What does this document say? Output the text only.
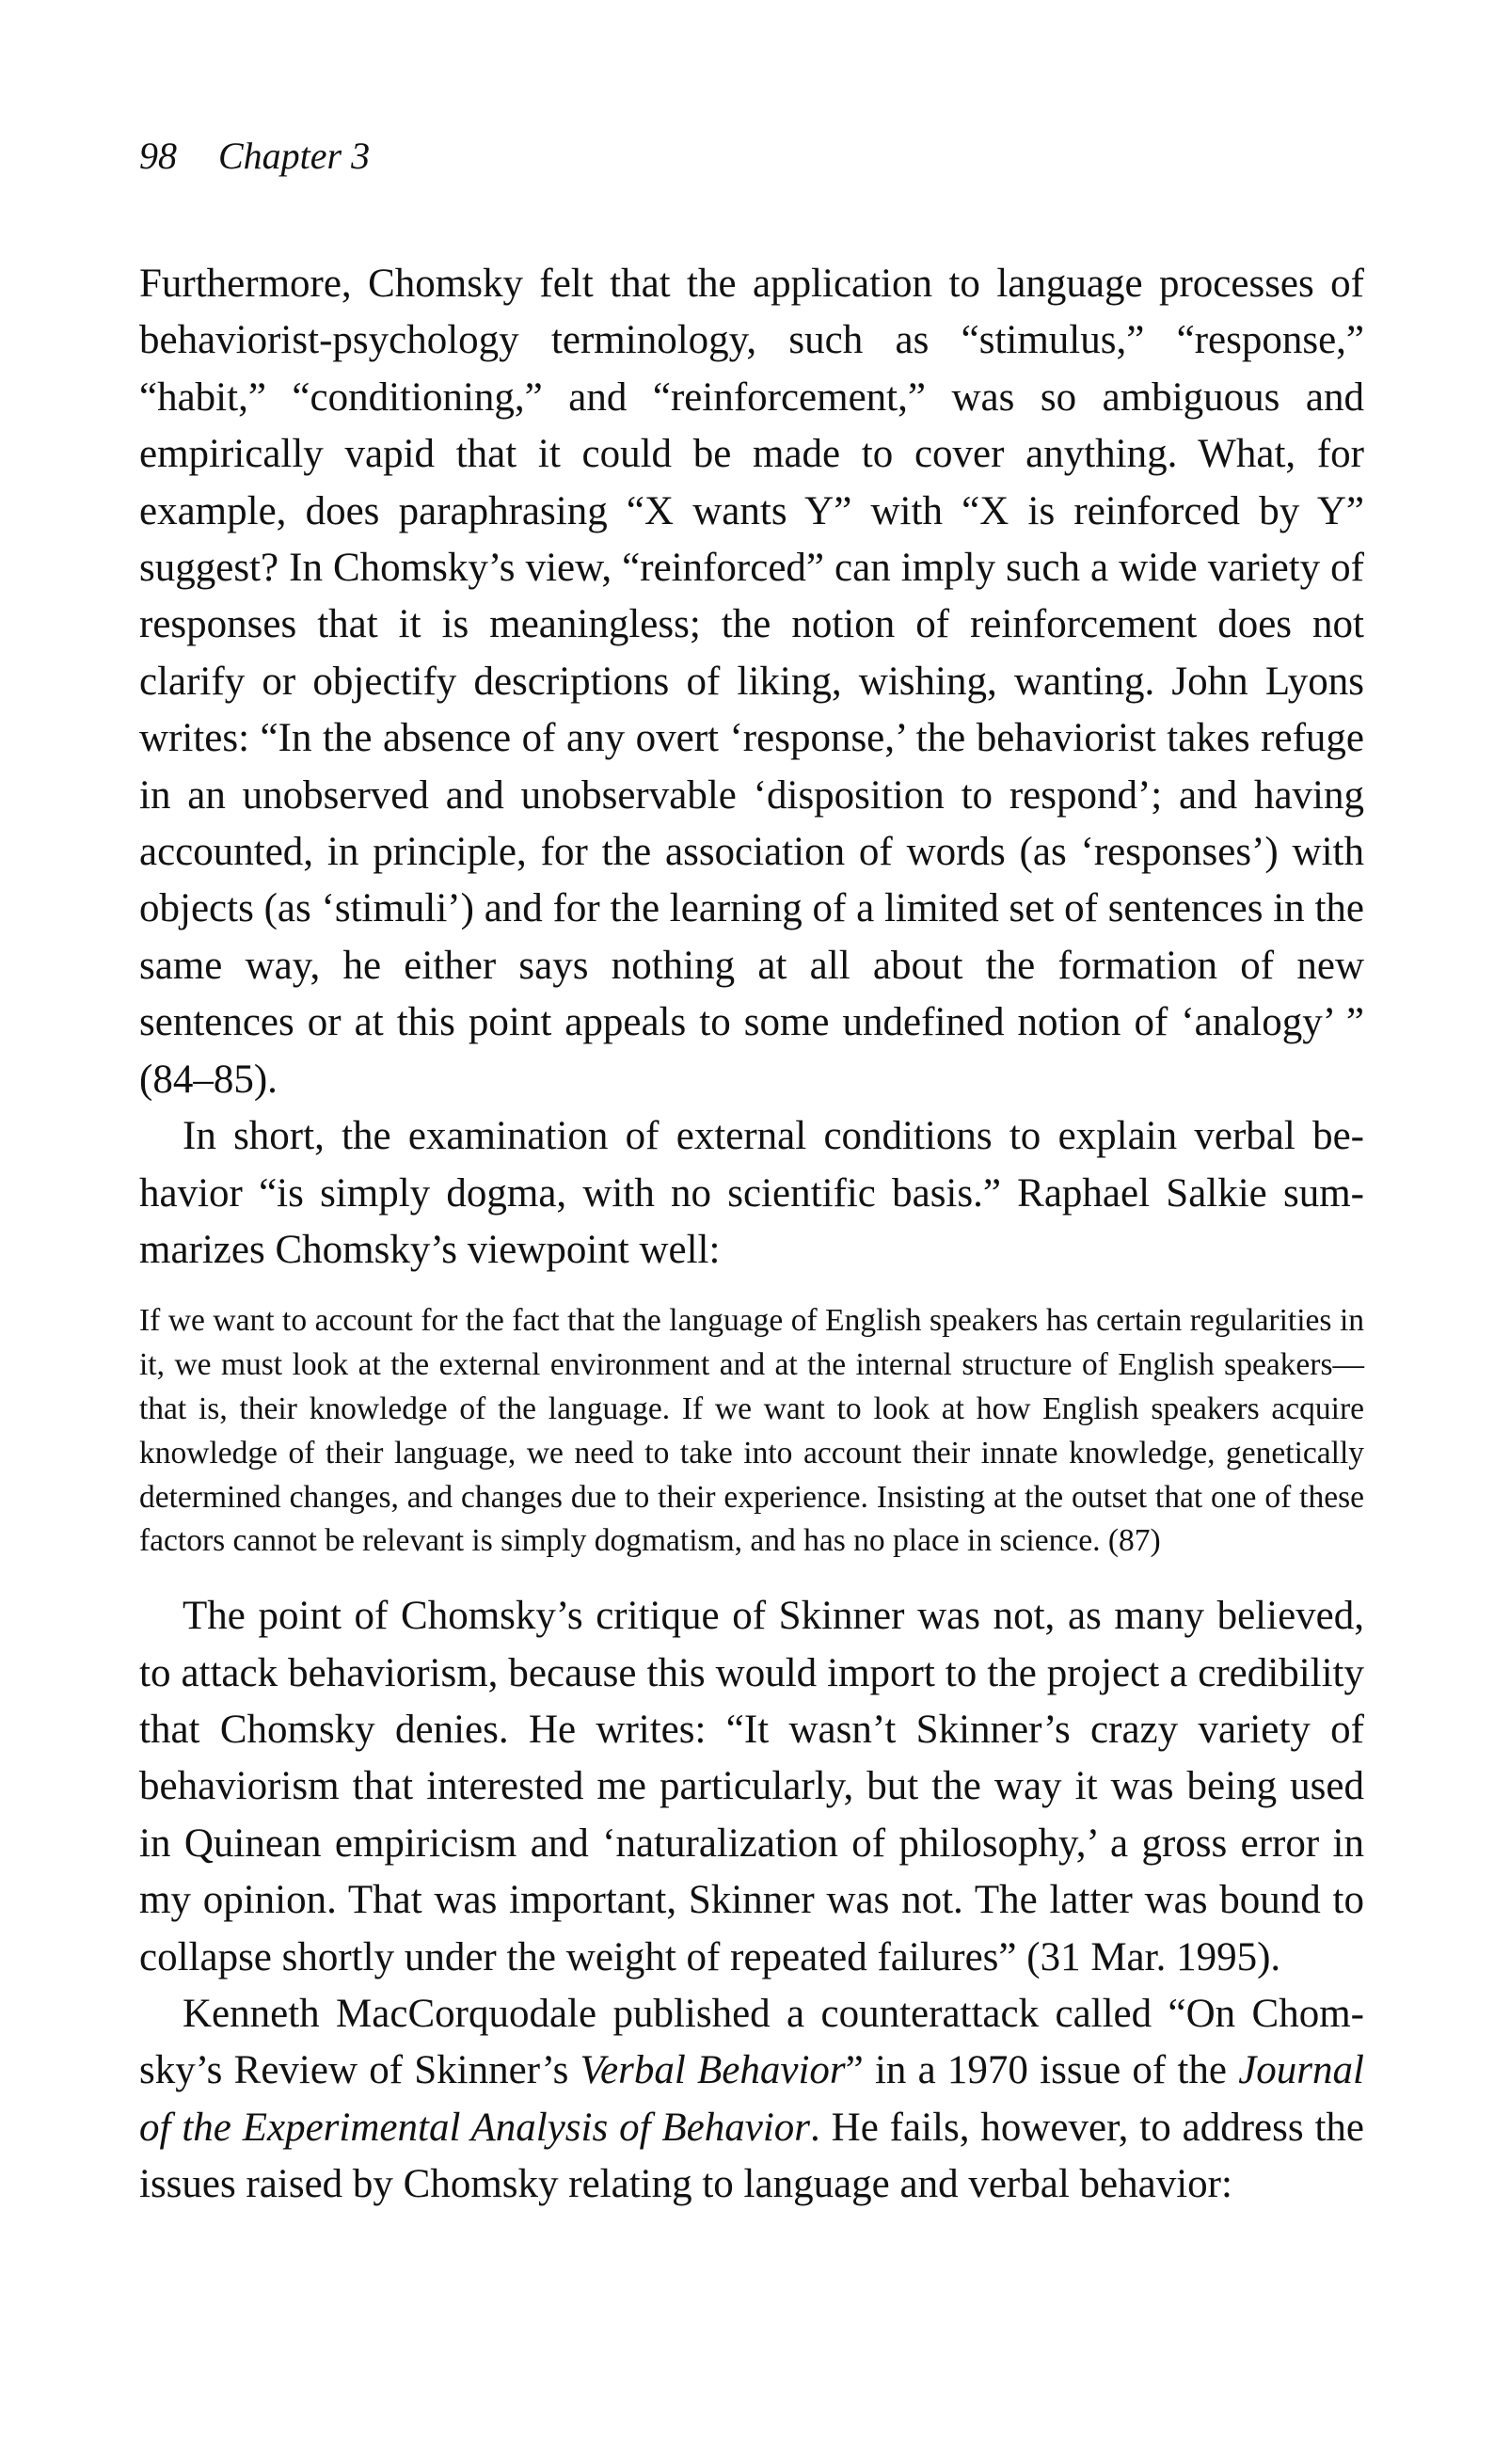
98 Chapter 3

Furthermore, Chomsky felt that the application to language processes of behaviorist-psychology terminology, such as “stimulus,” “response,” “habit,” “conditioning,” and “reinforcement,” was so ambiguous and empirically vapid that it could be made to cover anything. What, for example, does paraphrasing “X wants Y” with “X is reinforced by Y” suggest? In Chomsky’s view, “reinforced” can imply such a wide variety of responses that it is meaningless; the notion of reinforcement does not clarify or objectify descriptions of liking, wishing, wanting. John Lyons writes: “In the absence of any overt ‘response,’ the behaviorist takes refuge in an unobserved and unobservable ‘disposition to respond’; and having accounted, in principle, for the association of words (as ‘responses’) with objects (as ‘stimuli’) and for the learning of a limited set of sentences in the same way, he either says nothing at all about the formation of new sentences or at this point appeals to some undefined notion of ‘analogy’ ” (84–85).

In short, the examination of external conditions to explain verbal behavior “is simply dogma, with no scientific basis.” Raphael Salkie summarizes Chomsky’s viewpoint well:

If we want to account for the fact that the language of English speakers has certain regularities in it, we must look at the external environment and at the internal structure of English speakers—that is, their knowledge of the language. If we want to look at how English speakers acquire knowledge of their language, we need to take into account their innate knowledge, genetically determined changes, and changes due to their experience. Insisting at the outset that one of these factors cannot be relevant is simply dogmatism, and has no place in science. (87)

The point of Chomsky’s critique of Skinner was not, as many believed, to attack behaviorism, because this would import to the project a credibility that Chomsky denies. He writes: “It wasn’t Skinner’s crazy variety of behaviorism that interested me particularly, but the way it was being used in Quinean empiricism and ‘naturalization of philosophy,’ a gross error in my opinion. That was important, Skinner was not. The latter was bound to collapse shortly under the weight of repeated failures” (31 Mar. 1995).

Kenneth MacCorquodale published a counterattack called “On Chomsky’s Review of Skinner’s Verbal Behavior” in a 1970 issue of the Journal of the Experimental Analysis of Behavior. He fails, however, to address the issues raised by Chomsky relating to language and verbal behavior:
